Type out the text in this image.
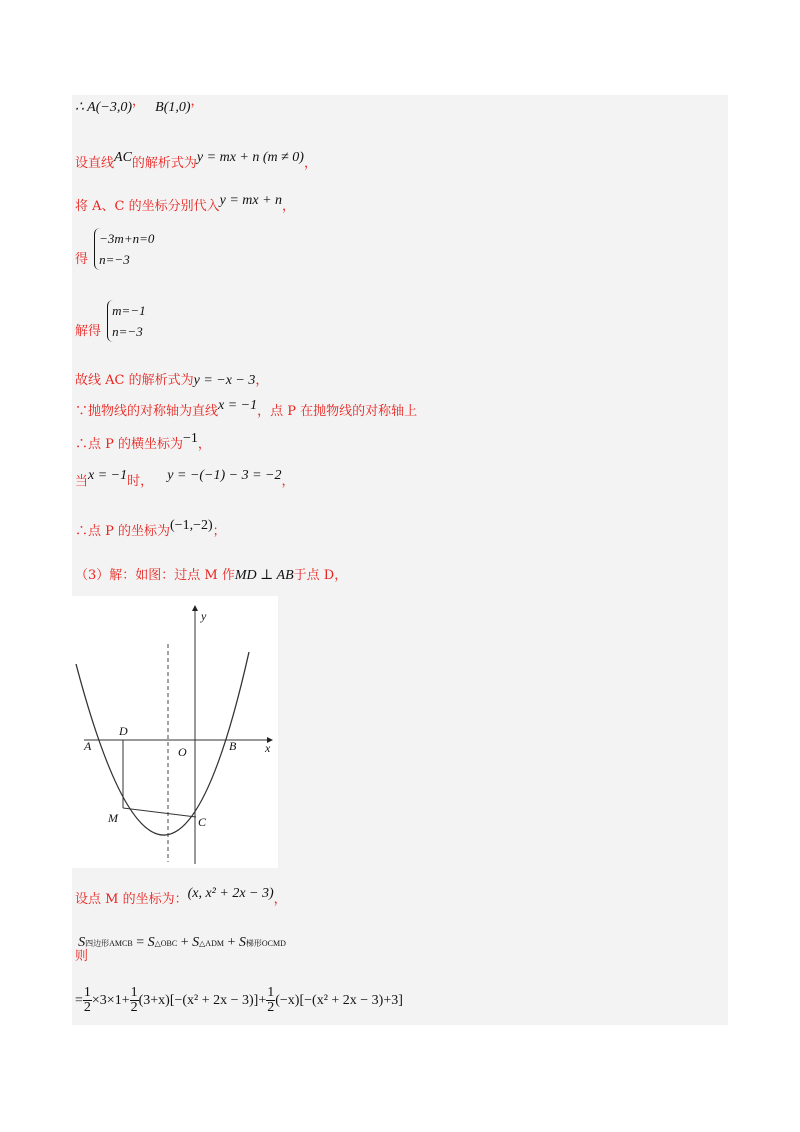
∴ A(−3,0)， B(1,0)，
设直线AC的解析式为y = mx + n (m ≠ 0)，
将 A、C 的坐标分别代入y = mx + n，
得
−3m+n=0
n=−3
解得
m=−1
n=−3
故线 AC 的解析式为y = −x − 3，
∵抛物线的对称轴为直线x = −1，点 P 在抛物线的对称轴上
∴点 P 的横坐标为−1，
当x = −1时， y = −(−1) − 3 = −2，
∴点 P 的坐标为(−1,−2)；
（3）解：如图：过点 M 作MD ⊥ AB于点 D，
y
x
A	B
O
D
M	C
设点 M 的坐标为：(x, x² + 2x − 3)，
则 S四边形AMCB = S△OBC + S△ADM + S梯形OCMD
= $\frac{1}{2} \times 3\times 1+ \frac{1}{2} (3+x)[-(x^2 + 2x - 3)]+ \frac{1}{2} (-x)[-(x^2 + 2x - 3)+3]$
